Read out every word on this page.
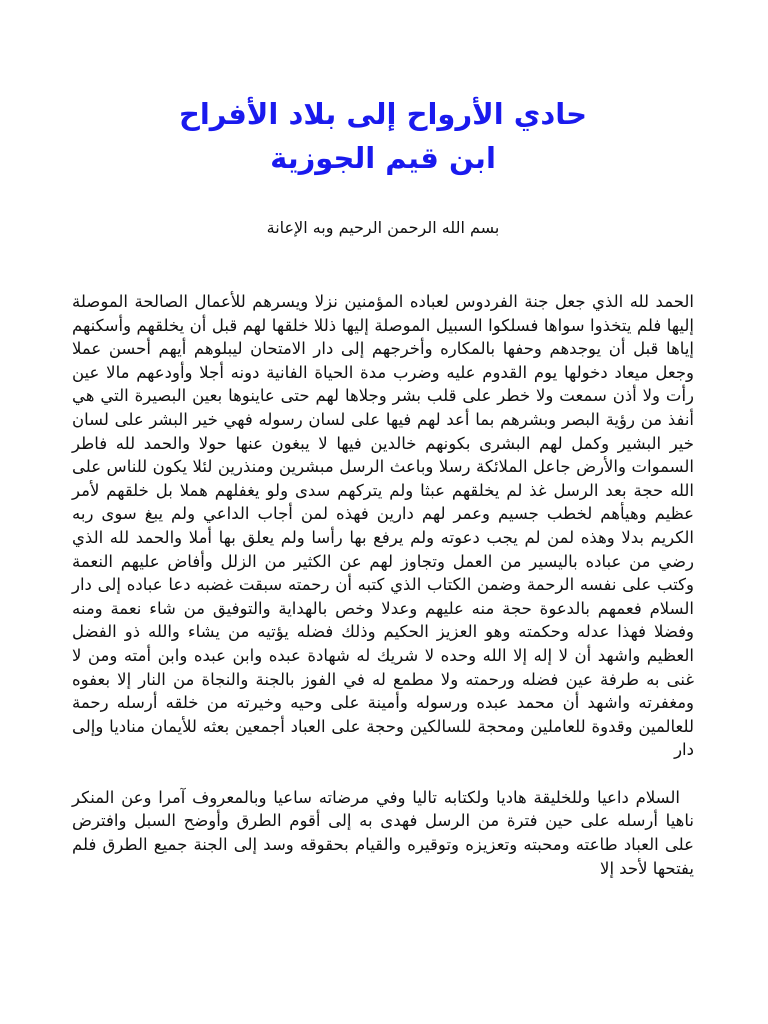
حادي الأرواح إلى بلاد الأفراح
ابن قيم الجوزية

بسم الله الرحمن الرحيم وبه الإعانة

الحمد لله الذي جعل جنة الفردوس لعباده المؤمنين نزلا ويسرهم للأعمال الصالحة الموصلة إليها فلم يتخذوا سواها فسلكوا السبيل الموصلة إليها ذللا خلقها لهم قبل أن يخلقهم وأسكنهم إياها قبل أن يوجدهم وحفها بالمكاره وأخرجهم إلى دار الامتحان ليبلوهم أيهم أحسن عملا وجعل ميعاد دخولها يوم القدوم عليه وضرب مدة الحياة الفانية دونه أجلا وأودعهم مالا عين رأت ولا أذن سمعت ولا خطر على قلب بشر وجلاها لهم حتى عاينوها بعين البصيرة التي هي أنفذ من رؤية البصر وبشرهم بما أعد لهم فيها على لسان رسوله فهي خير البشر على لسان خير البشير وكمل لهم البشرى بكونهم خالدين فيها لا يبغون عنها حولا والحمد لله فاطر السموات والأرض جاعل الملائكة رسلا وباعث الرسل مبشرين ومنذرين لئلا يكون للناس على الله حجة بعد الرسل غذ لم يخلقهم عبثا ولم يتركهم سدى ولو يغفلهم هملا بل خلقهم لأمر عظيم وهيأهم لخطب جسيم وعمر لهم دارين فهذه لمن أجاب الداعي ولم يبغ سوى ربه الكريم بدلا وهذه لمن لم يجب دعوته ولم يرفع بها رأسا ولم يعلق بها أملا والحمد لله الذي رضي من عباده باليسير من العمل وتجاوز لهم عن الكثير من الزلل وأفاض عليهم النعمة وكتب على نفسه الرحمة وضمن الكتاب الذي كتبه أن رحمته سبقت غضبه دعا عباده إلى دار السلام فعمهم بالدعوة حجة منه عليهم وعدلا وخص بالهداية والتوفيق من شاء نعمة ومنه وفضلا فهذا عدله وحكمته وهو العزيز الحكيم وذلك فضله يؤتيه من يشاء والله ذو الفضل العظيم واشهد أن لا إله إلا الله وحده لا شريك له شهادة عبده وابن عبده وابن أمته ومن لا غنى به طرفة عين فضله ورحمته ولا مطمع له في الفوز بالجنة والنجاة من النار إلا بعفوه ومغفرته واشهد أن محمد عبده ورسوله وأمينة على وحيه وخيرته من خلقه أرسله رحمة للعالمين وقدوة للعاملين ومحجة للسالكين وحجة على العباد أجمعين بعثه للأيمان مناديا وإلى دار

السلام داعيا وللخليقة هاديا ولكتابه تاليا وفي مرضاته ساعيا وبالمعروف آمرا وعن المنكر ناهيا أرسله على حين فترة من الرسل فهدى به إلى أقوم الطرق وأوضح السبل وافترض على العباد طاعته ومحبته وتعزيزه وتوقيره والقيام بحقوقه وسد إلى الجنة جميع الطرق فلم يفتحها لأحد إلا
